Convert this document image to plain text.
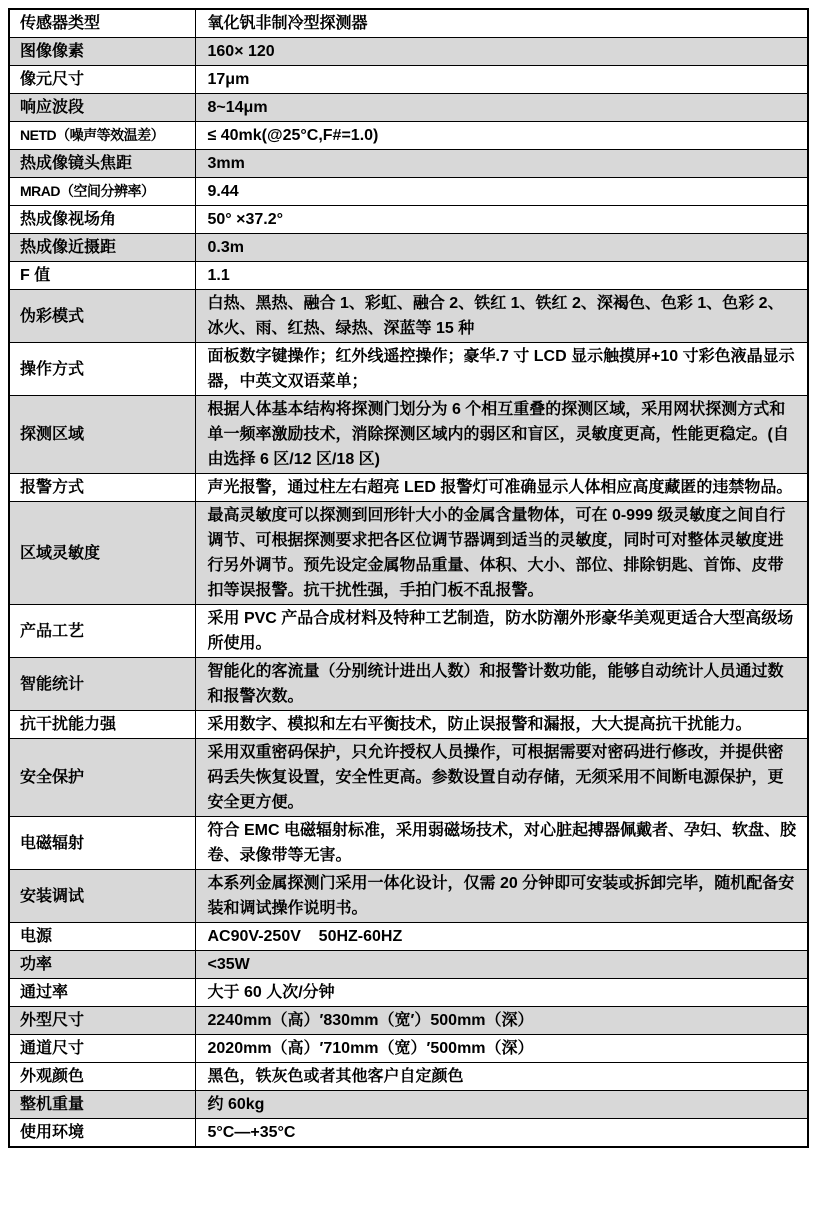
传感器类型	氧化钒非制冷型探测器
图像像素	160× 120
像元尺寸	17μm
响应波段	8~14μm
NETD（噪声等效温差）	≤ 40mk(@25°C,F#=1.0)
热成像镜头焦距	3mm
MRAD（空间分辨率）	9.44
热成像视场角	50° ×37.2°
热成像近摄距	0.3m
F 值	1.1
伪彩模式	白热、黑热、融合 1、彩虹、融合 2、铁红 1、铁红 2、深褐色、色彩 1、色彩 2、冰火、雨、红热、绿热、深蓝等 15 种
操作方式	面板数字键操作；红外线遥控操作；豪华.7 寸 LCD 显示触摸屏+10 寸彩色液晶显示器，中英文双语菜单；
探测区域	根据人体基本结构将探测门划分为 6 个相互重叠的探测区域，采用网状探测方式和单一频率激励技术，消除探测区域内的弱区和盲区，灵敏度更高，性能更稳定。(自由选择 6 区/12 区/18 区)
报警方式	声光报警，通过柱左右超亮 LED 报警灯可准确显示人体相应高度藏匿的违禁物品。
区域灵敏度	最高灵敏度可以探测到回形针大小的金属含量物体，可在 0-999 级灵敏度之间自行调节、可根据探测要求把各区位调节器调到适当的灵敏度，同时可对整体灵敏度进行另外调节。预先设定金属物品重量、体积、大小、部位、排除钥匙、首饰、皮带扣等误报警。抗干扰性强，手拍门板不乱报警。
产品工艺	采用 PVC 产品合成材料及特种工艺制造，防水防潮外形豪华美观更适合大型高级场所使用。
智能统计	智能化的客流量（分别统计进出人数）和报警计数功能，能够自动统计人员通过数和报警次数。
抗干扰能力强	采用数字、模拟和左右平衡技术，防止误报警和漏报，大大提高抗干扰能力。
安全保护	采用双重密码保护，只允许授权人员操作，可根据需要对密码进行修改，并提供密码丢失恢复设置，安全性更高。参数设置自动存储，无须采用不间断电源保护，更安全更方便。
电磁辐射	符合 EMC 电磁辐射标准，采用弱磁场技术，对心脏起搏器佩戴者、孕妇、软盘、胶卷、录像带等无害。
安装调试	本系列金属探测门采用一体化设计，仅需 20 分钟即可安装或拆卸完毕，随机配备安装和调试操作说明书。
电源	AC90V-250V    50HZ-60HZ
功率	<35W
通过率	大于 60 人次/分钟
外型尺寸	2240mm（高）′830mm（宽′）500mm（深）
通道尺寸	2020mm（高）′710mm（宽）′500mm（深）
外观颜色	黑色，铁灰色或者其他客户自定颜色
整机重量	约 60kg
使用环境	5°C—+35°C
